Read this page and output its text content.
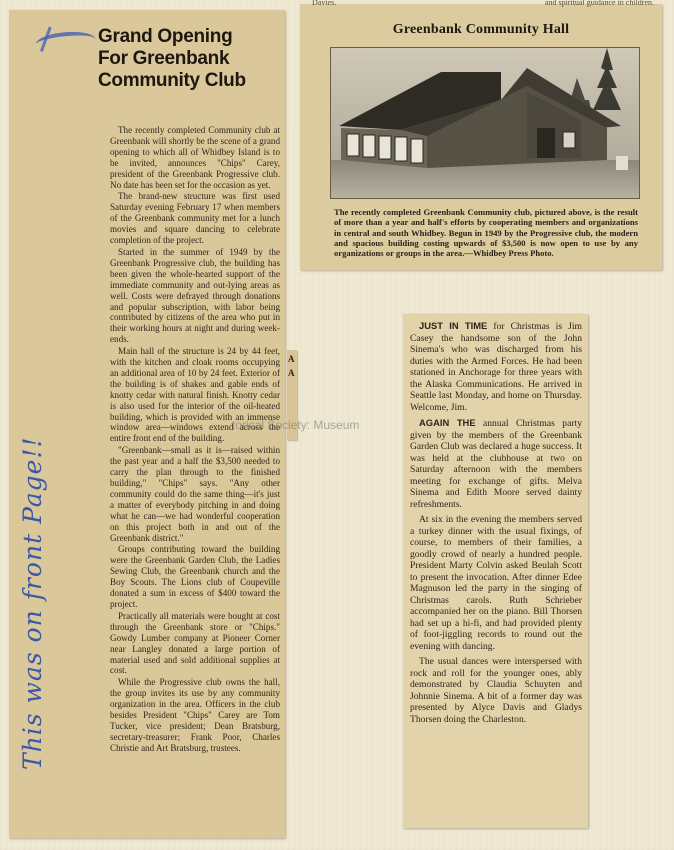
Grand Opening
For Greenbank
Community Club

The recently completed Community club at Greenbank will shortly be the scene of a grand opening to which all of Whidbey Island is to be invited, announces "Chips" Carey, president of the Greenbank Progressive club. No date has been set for the occasion as yet.

The brand-new structure was first used Saturday evening February 17 when members of the Greenbank community met for a lunch movies and square dancing to celebrate completion of the project.

Started in the summer of 1949 by the Greenbank Progressive club, the building has been given the whole-hearted support of the immediate community and out-lying areas as well. Costs were defrayed through donations and popular subscription, with labor being contributed by citizens of the area who put in their working hours at night and during week-ends.

Main hall of the structure is 24 by 44 feet, with the kitchen and cloak rooms occupying an additional area of 10 by 24 feet. Exterior of the building is of shakes and gable ends of knotty cedar with natural finish. Knotty cedar is also used for the interior of the oil-heated building, which is provided with an immense window area—windows extend across the entire front end of the building.

"Greenbank—small as it is—raised within the past year and a half the $3,500 needed to carry the plan through to the finished building," "Chips" says. "Any other community could do the same thing—it's just a matter of everybody pitching in and doing what he can—we had wonderful cooperation on this project both in and out of the Greenbank district."

Groups contributing toward the building were the Greenbank Garden Club, the Ladies Sewing Club, the Greenbank church and the Boy Scouts. The Lions club of Coupeville donated a sum in excess of $400 toward the project.

Practically all materials were bought at cost through the Greenbank store or "Chips." Gowdy Lumber company at Pioneer Corner near Langley donated a large portion of material used and sold additional supplies at cost.

While the Progressive club owns the hall, the group invites its use by any community organization in the area. Officers in the club besides President "Chips" Carey are Tom Tucker, vice president; Dean Bratsburg, secretary-treasurer; Frank Poor, Charles Christie and Art Bratsburg, trustees.

This was on front Page!!
A
A
Davies.	and spiritual guidance in children.
Greenbank Community Hall
The recently completed Greenbank Community club, pictured above, is the result of more than a year and half's efforts by cooperating members and organizations in central and south Whidbey. Begun in 1949 by the Progressive club, the modern and spacious building costing upwards of $3,500 is now open to use by any organizations or groups in the area.—Whidbey Press Photo.
torical Society: Museum

JUST IN TIME for Christmas is Jim Casey the handsome son of the John Sinema's who was discharged from his duties with the Armed Forces. He had been stationed in Anchorage for three years with the Alaska Communications. He arrived in Seattle last Monday, and home on Thursday. Welcome, Jim.

AGAIN THE annual Christmas party given by the members of the Greenbank Garden Club was declared a huge success. It was held at the clubhouse at two on Saturday afternoon with the members meeting for exchange of gifts. Melva Sinema and Edith Moore served dainty refreshments.

At six in the evening the members served a turkey dinner with the usual fixings, of course, to members of their families, a goodly crowd of nearly a hundred people. President Marty Colvin asked Beulah Scott to present the invocation. After dinner Edee Magnuson led the party in the singing of Christmas carols. Ruth Schrieber accompanied her on the piano. Bill Thorsen had set up a hi-fi, and had provided plenty of foot-jiggling records to round out the evening with dancing.

The usual dances were interspersed with rock and roll for the younger ones, ably demonstrated by Claudia Schuyten and Johnnie Sinema. A bit of a former day was presented by Alyce Davis and Gladys Thorsen doing the Charleston.
